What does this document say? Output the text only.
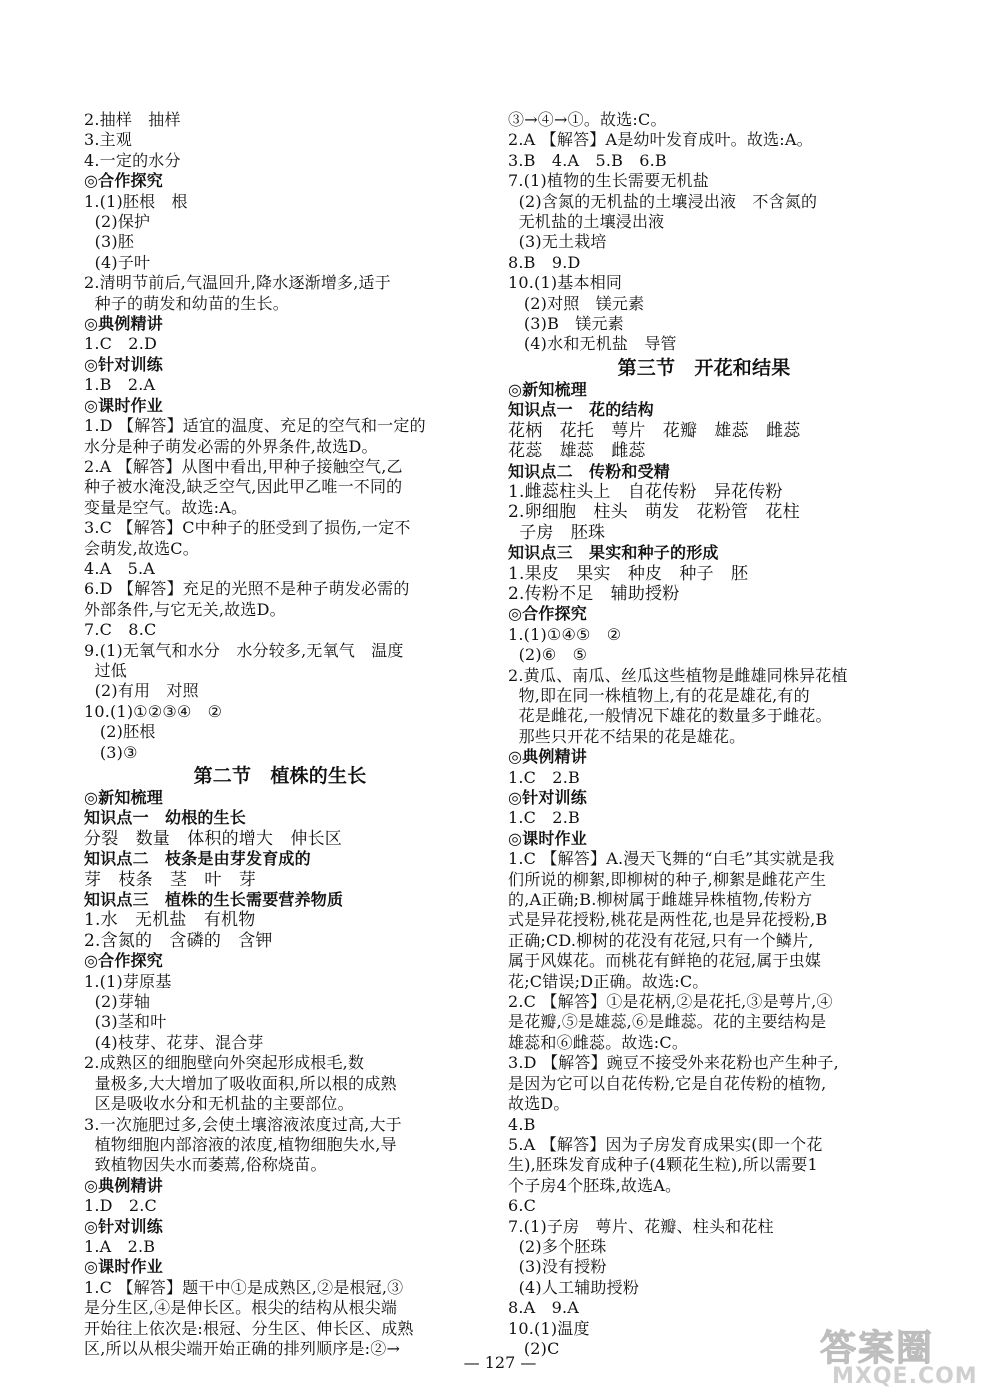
2.抽样　抽样
3.主观
4.一定的水分
◎合作探究
1.(1)胚根　根
(2)保护
(3)胚
(4)子叶
2.清明节前后,气温回升,降水逐渐增多,适于
种子的萌发和幼苗的生长。
◎典例精讲
1.C　2.D
◎针对训练
1.B　2.A
◎课时作业
1.D 【解答】适宜的温度、充足的空气和一定的
水分是种子萌发必需的外界条件,故选D。
2.A 【解答】从图中看出,甲种子接触空气,乙
种子被水淹没,缺乏空气,因此甲乙唯一不同的
变量是空气。故选:A。
3.C 【解答】C中种子的胚受到了损伤,一定不
会萌发,故选C。
4.A　5.A
6.D 【解答】充足的光照不是种子萌发必需的
外部条件,与它无关,故选D。
7.C　8.C
9.(1)无氧气和水分　水分较多,无氧气　温度
过低
(2)有用　对照
10.(1)①②③④　②
(2)胚根
(3)③
第二节　植株的生长
◎新知梳理
知识点一　幼根的生长
分裂　数量　体积的增大　伸长区
知识点二　枝条是由芽发育成的
芽　枝条　茎　叶　芽
知识点三　植株的生长需要营养物质
1.水　无机盐　有机物
2.含氮的　含磷的　含钾
◎合作探究
1.(1)芽原基
(2)芽轴
(3)茎和叶
(4)枝芽、花芽、混合芽
2.成熟区的细胞壁向外突起形成根毛,数
量极多,大大增加了吸收面积,所以根的成熟
区是吸收水分和无机盐的主要部位。
3.一次施肥过多,会使土壤溶液浓度过高,大于
植物细胞内部溶液的浓度,植物细胞失水,导
致植物因失水而萎蔫,俗称烧苗。
◎典例精讲
1.D　2.C
◎针对训练
1.A　2.B
◎课时作业
1.C 【解答】题干中①是成熟区,②是根冠,③
是分生区,④是伸长区。根尖的结构从根尖端
开始往上依次是:根冠、分生区、伸长区、成熟
区,所以从根尖端开始正确的排列顺序是:②→
③→④→①。故选:C。
2.A 【解答】A是幼叶发育成叶。故选:A。
3.B　4.A　5.B　6.B
7.(1)植物的生长需要无机盐
(2)含氮的无机盐的土壤浸出液　不含氮的
无机盐的土壤浸出液
(3)无土栽培
8.B　9.D
10.(1)基本相同
(2)对照　镁元素
(3)B　镁元素
(4)水和无机盐　导管
第三节　开花和结果
◎新知梳理
知识点一　花的结构
花柄　花托　萼片　花瓣　雄蕊　雌蕊
花蕊　雄蕊　雌蕊
知识点二　传粉和受精
1.雌蕊柱头上　自花传粉　异花传粉
2.卵细胞　柱头　萌发　花粉管　花柱
子房　胚珠
知识点三　果实和种子的形成
1.果皮　果实　种皮　种子　胚
2.传粉不足　辅助授粉
◎合作探究
1.(1)①④⑤　②
(2)⑥　⑤
2.黄瓜、南瓜、丝瓜这些植物是雌雄同株异花植
物,即在同一株植物上,有的花是雄花,有的
花是雌花,一般情况下雄花的数量多于雌花。
那些只开花不结果的花是雄花。
◎典例精讲
1.C　2.B
◎针对训练
1.C　2.B
◎课时作业
1.C 【解答】A.漫天飞舞的“白毛”其实就是我
们所说的柳絮,即柳树的种子,柳絮是雌花产生
的,A正确;B.柳树属于雌雄异株植物,传粉方
式是异花授粉,桃花是两性花,也是异花授粉,B
正确;CD.柳树的花没有花冠,只有一个鳞片,
属于风媒花。而桃花有鲜艳的花冠,属于虫媒
花;C错误;D正确。故选:C。
2.C 【解答】①是花柄,②是花托,③是萼片,④
是花瓣,⑤是雄蕊,⑥是雌蕊。花的主要结构是
雄蕊和⑥雌蕊。故选:C。
3.D 【解答】豌豆不接受外来花粉也产生种子,
是因为它可以自花传粉,它是自花传粉的植物,
故选D。
4.B
5.A 【解答】因为子房发育成果实(即一个花
生),胚珠发育成种子(4颗花生粒),所以需要1
个子房4个胚珠,故选A。
6.C
7.(1)子房　萼片、花瓣、柱头和花柱
(2)多个胚珠
(3)没有授粉
(4)人工辅助授粉
8.A　9.A
10.(1)温度
(2)C
— 127 —	答案圈
MXQE.COM
